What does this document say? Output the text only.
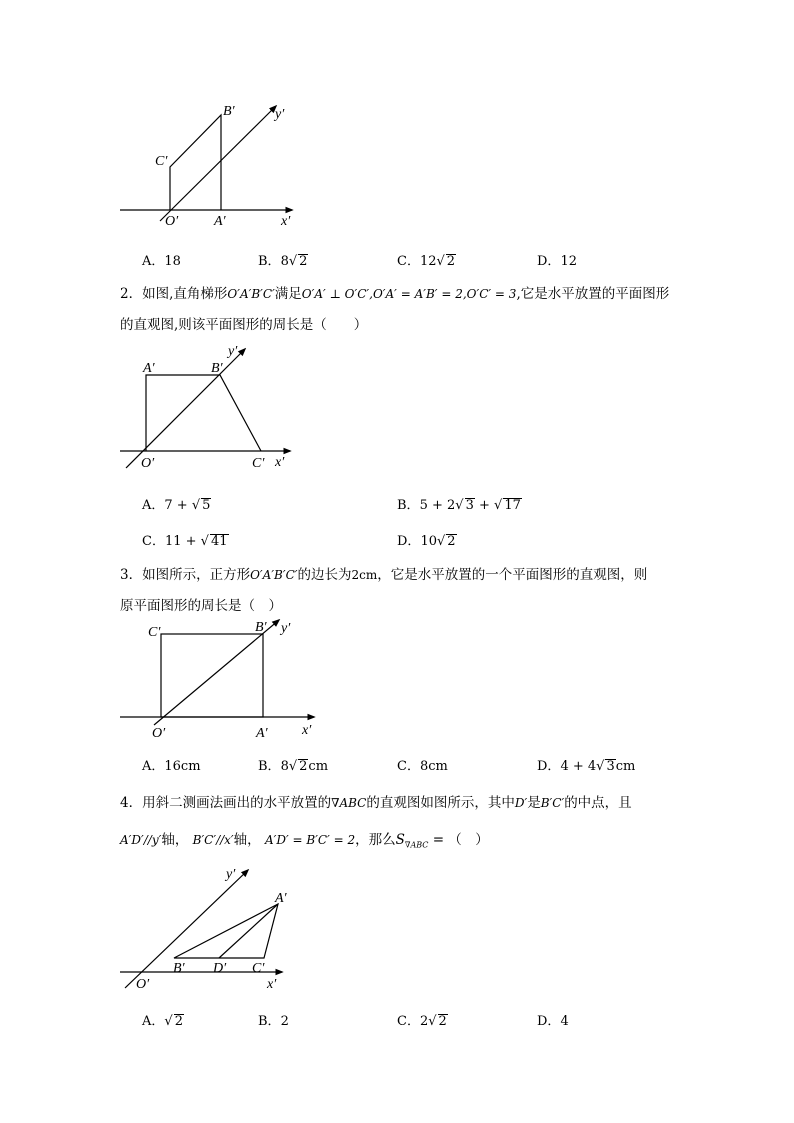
B′	y′
C′
O′	A′	x′
A．18	B．8√ 2	C．12√ 2	D．12
2．如图,直角梯形O′A′B′C′满足O′A′ ⊥ O′C′,O′A′ = A′B′ = 2,O′C′ = 3,它是水平放置的平面图形
的直观图,则该平面图形的周长是（　　）
A′	B′
y′
O′	C′ x′
A．7 + √ 5	B．5 + 2√ 3 + √ 17
C．11 + √ 41	D．10√ 2
3．如图所示，正方形O′A′B′C′的边长为2cm，它是水平放置的一个平面图形的直观图，则
原平面图形的周长是（　）
C′	B′ y′
O′	A′ x′
A．16cm	B．8√ 2cm	C．8cm	D．4 + 4√ 3cm
4．用斜二测画法画出的水平放置的∇ABC的直观图如图所示，其中D′是B′C′的中点，且
A′D′//y′轴， B′C′//x′轴， A′D′ = B′C′ = 2，那么$S_{\nabla ABC}$ = （　）
y′
A′
B′ D′ C′
O′	x′
A．√ 2	B．2	C．2√ 2	D．4
